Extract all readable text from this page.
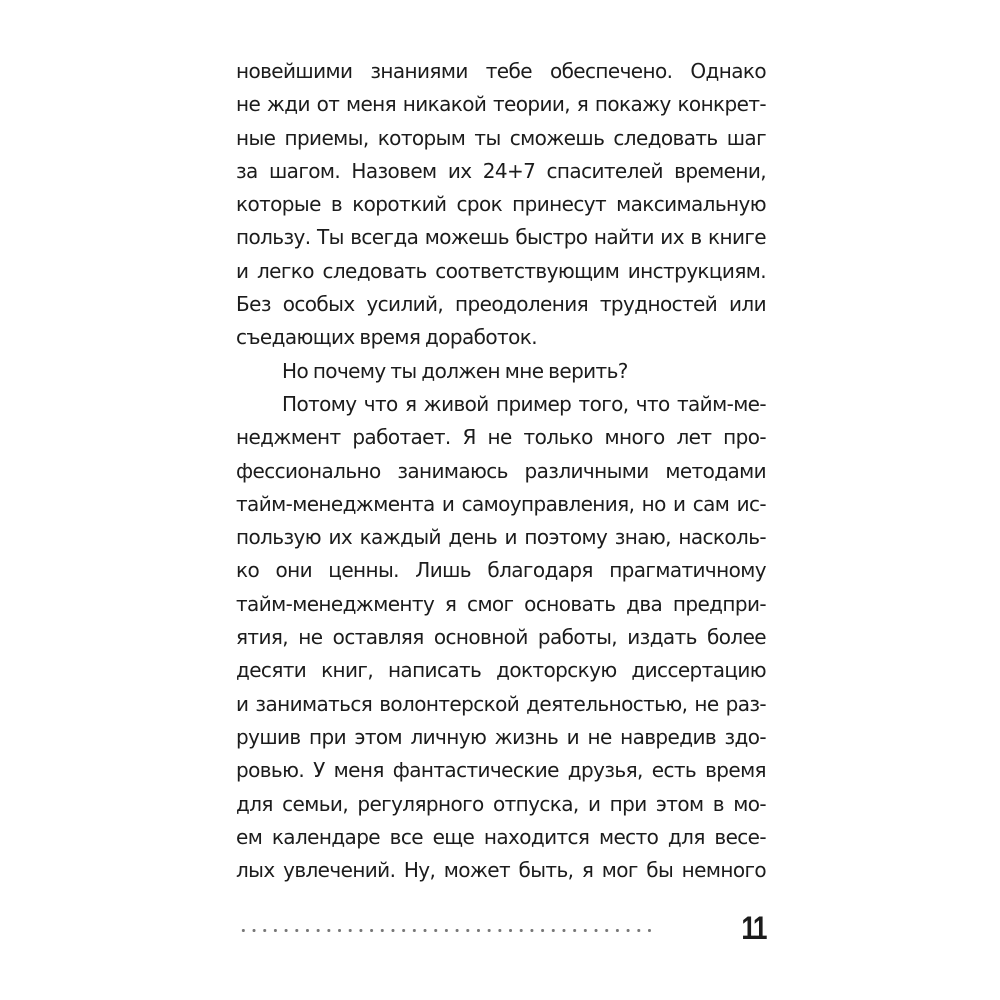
новейшими знаниями тебе обеспечено. Однако
не жди от меня никакой теории, я покажу конкрет-
ные приемы, которым ты сможешь следовать шаг
за шагом. Назовем их 24+7 спасителей времени,
которые в короткий срок принесут максимальную
пользу. Ты всегда можешь быстро найти их в книге
и легко следовать соответствующим инструкциям.
Без особых усилий, преодоления трудностей или
съедающих время доработок.
Но почему ты должен мне верить?
Потому что я живой пример того, что тайм-ме-
неджмент работает. Я не только много лет про-
фессионально занимаюсь различными методами
тайм-менеджмента и самоуправления, но и сам ис-
пользую их каждый день и поэтому знаю, насколь-
ко они ценны. Лишь благодаря прагматичному
тайм-менеджменту я смог основать два предпри-
ятия, не оставляя основной работы, издать более
десяти книг, написать докторскую диссертацию
и заниматься волонтерской деятельностью, не раз-
рушив при этом личную жизнь и не навредив здо-
ровью. У меня фантастические друзья, есть время
для семьи, регулярного отпуска, и при этом в мо-
ем календаре все еще находится место для весе-
лых увлечений. Ну, может быть, я мог бы немного
11
